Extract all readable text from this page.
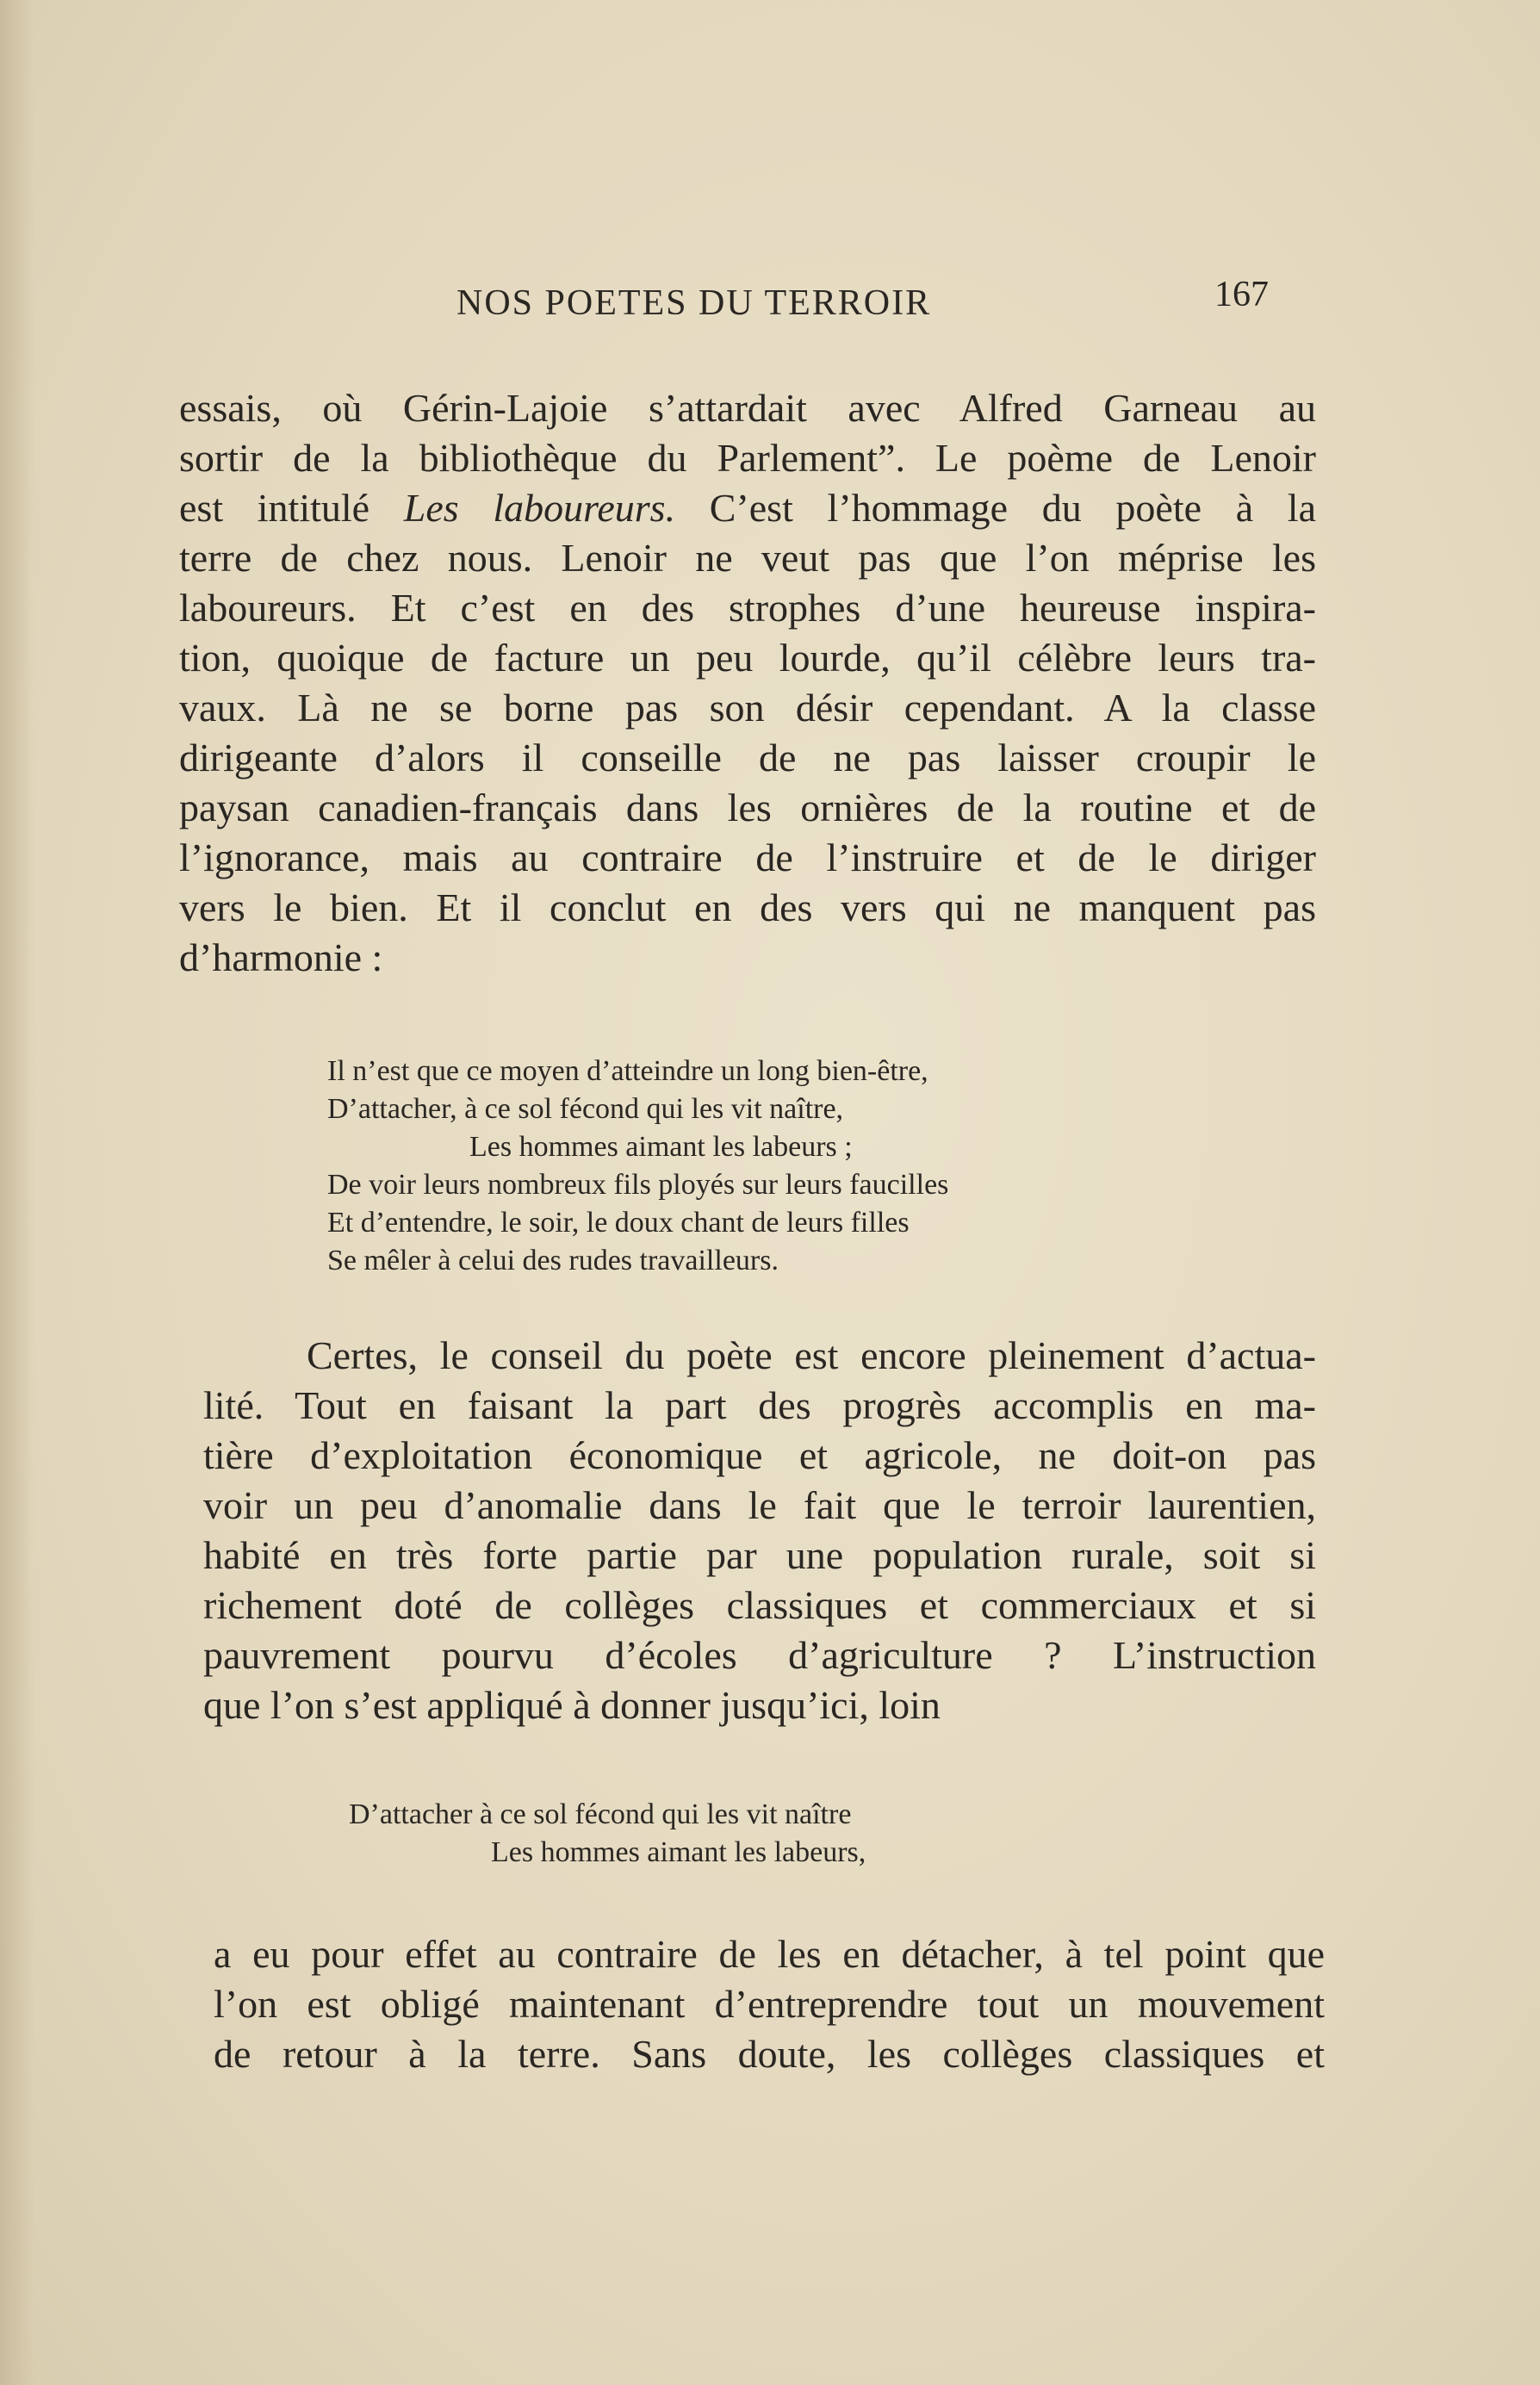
NOS POETES DU TERROIR	167
essais, où Gérin-Lajoie s’attardait avec Alfred Garneau au
sortir de la bibliothèque du Parlement”. Le poème de Lenoir
est intitulé Les laboureurs. C’est l’hommage du poète à la
terre de chez nous. Lenoir ne veut pas que l’on méprise les
laboureurs. Et c’est en des strophes d’une heureuse inspira-
tion, quoique de facture un peu lourde, qu’il célèbre leurs tra-
vaux. Là ne se borne pas son désir cependant. A la classe
dirigeante d’alors il conseille de ne pas laisser croupir le
paysan canadien-français dans les ornières de la routine et de
l’ignorance, mais au contraire de l’instruire et de le diriger
vers le bien. Et il conclut en des vers qui ne manquent pas
d’harmonie :
Il n’est que ce moyen d’atteindre un long bien-être,
D’attacher, à ce sol fécond qui les vit naître,
Les hommes aimant les labeurs ;
De voir leurs nombreux fils ployés sur leurs faucilles
Et d’entendre, le soir, le doux chant de leurs filles
Se mêler à celui des rudes travailleurs.
Certes, le conseil du poète est encore pleinement d’actua-
lité. Tout en faisant la part des progrès accomplis en ma-
tière d’exploitation économique et agricole, ne doit-on pas
voir un peu d’anomalie dans le fait que le terroir laurentien,
habité en très forte partie par une population rurale, soit si
richement doté de collèges classiques et commerciaux et si
pauvrement pourvu d’écoles d’agriculture ? L’instruction
que l’on s’est appliqué à donner jusqu’ici, loin
D’attacher à ce sol fécond qui les vit naître
Les hommes aimant les labeurs,
a eu pour effet au contraire de les en détacher, à tel point que
l’on est obligé maintenant d’entreprendre tout un mouvement
de retour à la terre. Sans doute, les collèges classiques et
